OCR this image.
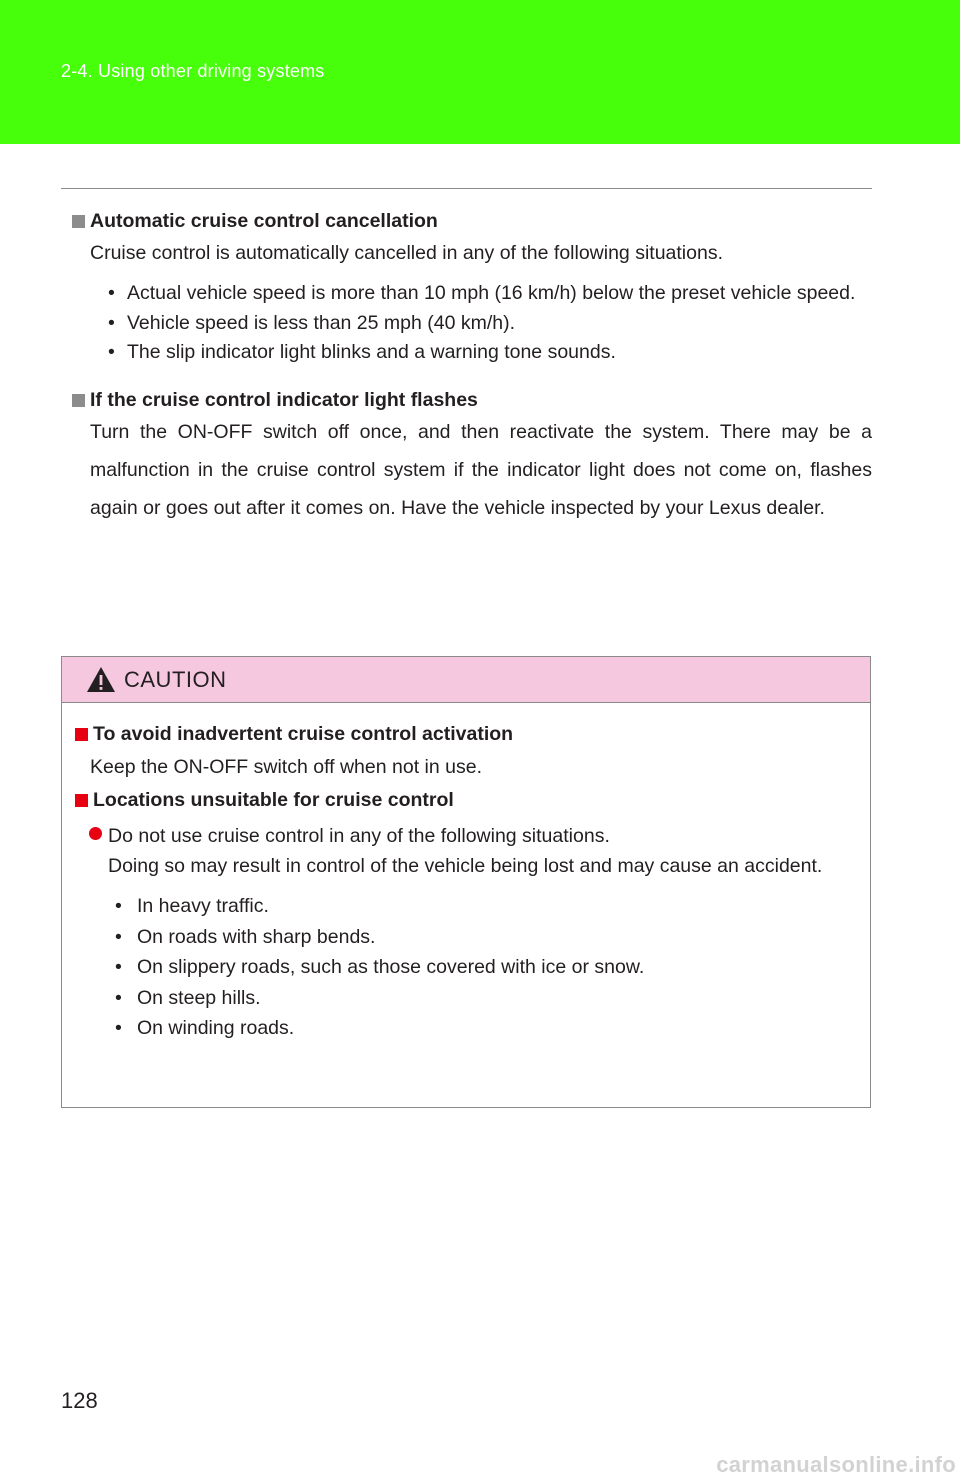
2-4. Using other driving systems
Automatic cruise control cancellation
Cruise control is automatically cancelled in any of the following situations.
• Actual vehicle speed is more than 10 mph (16 km/h) below the preset vehicle speed.
• Vehicle speed is less than 25 mph (40 km/h).
• The slip indicator light blinks and a warning tone sounds.
If the cruise control indicator light flashes
Turn the ON-OFF switch off once, and then reactivate the system. There may be a malfunction in the cruise control system if the indicator light does not come on, flashes again or goes out after it comes on. Have the vehicle inspected by your Lexus dealer.
CAUTION
To avoid inadvertent cruise control activation
Keep the ON-OFF switch off when not in use.
Locations unsuitable for cruise control
Do not use cruise control in any of the following situations.
Doing so may result in control of the vehicle being lost and may cause an accident.
• In heavy traffic.
• On roads with sharp bends.
• On slippery roads, such as those covered with ice or snow.
• On steep hills.
• On winding roads.
128
carmanualsonline.info
